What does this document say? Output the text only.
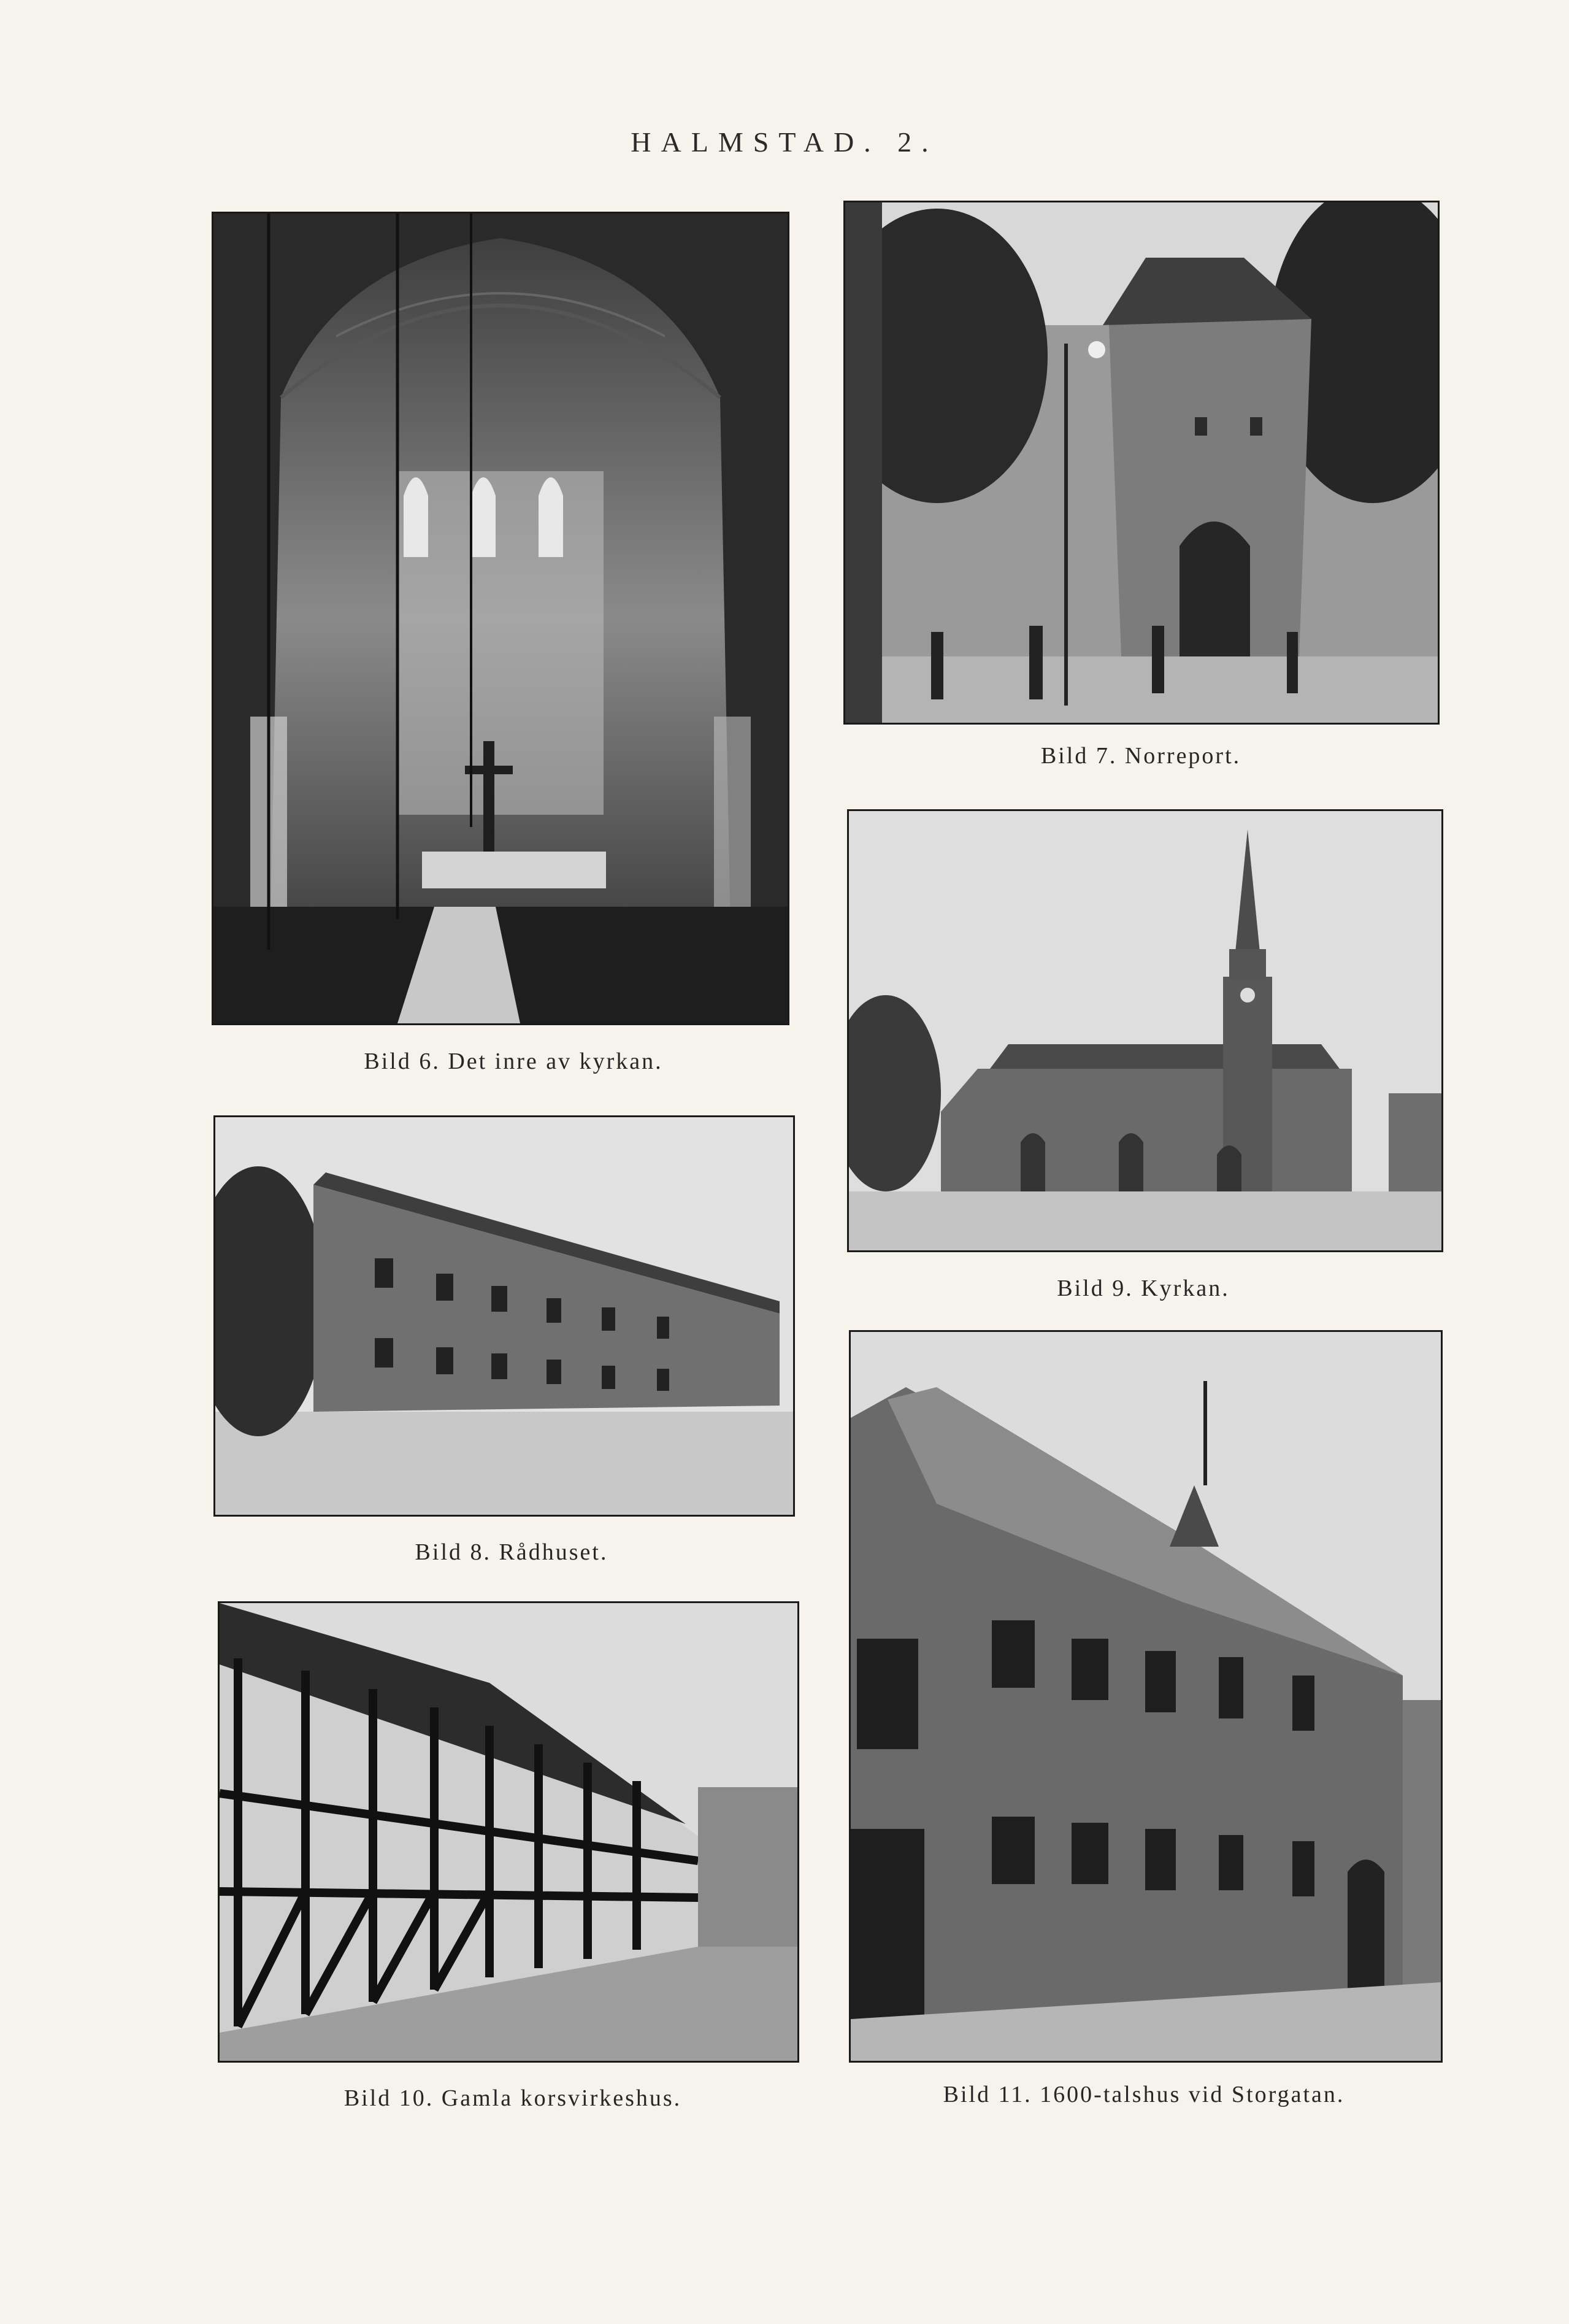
HALMSTAD. 2.
Bild 6. Det inre av kyrkan.
Bild 7. Norreport.
Bild 9. Kyrkan.
Bild 8. Rådhuset.
Bild 10. Gamla korsvirkeshus.	Bild 11. 1600-talshus vid Storgatan.
